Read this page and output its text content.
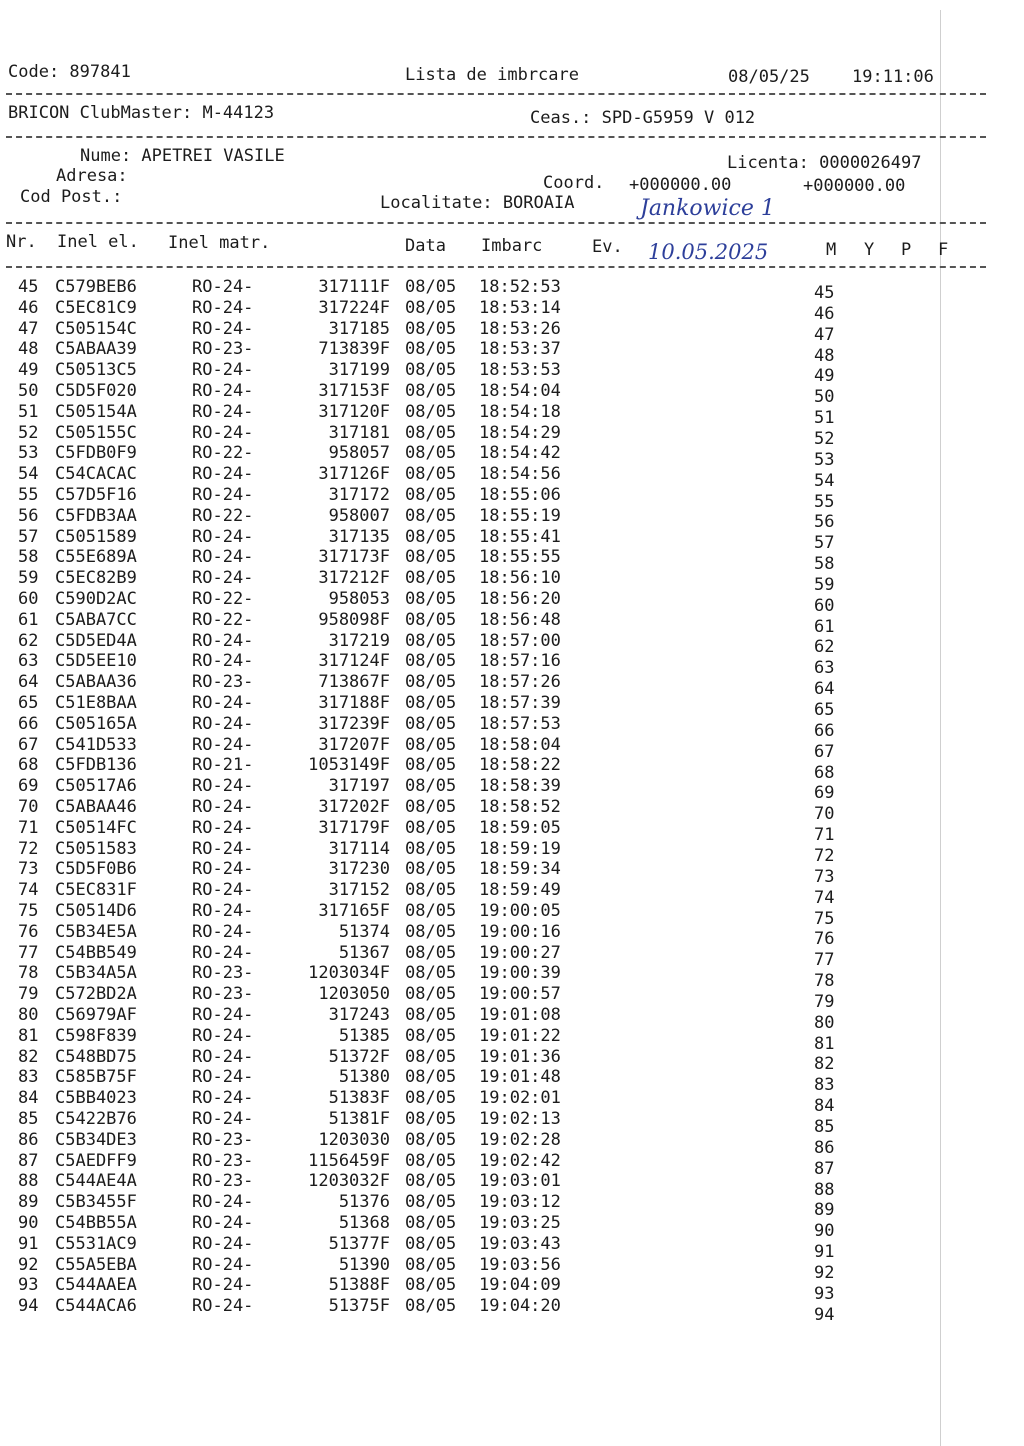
Code: 897841	Lista de imbrcare	08/05/25 19:11:06
BRICON ClubMaster: M-44123	Ceas.: SPD-G5959 V 012
Nume: APETREI VASILE	Licenta: 0000026497
Adresa:	Coord. +000000.00	+000000.00
Cod Post.:	Localitate: BOROAIA	Jankowice 1
Nr. Inel el. Inel matr.	Data Imbarc	Ev. 10.05.2025	M Y P F
45 C579BEB6	RO-24-	317111F 08/05 18:52:53	45
46 C5EC81C9	RO-24-	317224F 08/05 18:53:14	46
47 C505154C	RO-24-	317185 08/05 18:53:26	47
48 C5ABAA39	RO-23-	713839F 08/05 18:53:37	48
49 C50513C5	RO-24-	317199 08/05 18:53:53	49
50 C5D5F020	RO-24-	317153F 08/05 18:54:04	50
51 C505154A	RO-24-	317120F 08/05 18:54:18	51
52 C505155C	RO-24-	317181 08/05 18:54:29	52
53 C5FDB0F9	RO-22-	958057 08/05 18:54:42	53
54 C54CACAC	RO-24-	317126F 08/05 18:54:56	54
55 C57D5F16	RO-24-	317172 08/05 18:55:06	55
56 C5FDB3AA	RO-22-	958007 08/05 18:55:19	56
57 C5051589	RO-24-	317135 08/05 18:55:41	57
58 C55E689A	RO-24-	317173F 08/05 18:55:55	58
59 C5EC82B9	RO-24-	317212F 08/05 18:56:10	59
60 C590D2AC	RO-22-	958053 08/05 18:56:20	60
61 C5ABA7CC	RO-22-	958098F 08/05 18:56:48	61
62 C5D5ED4A	RO-24-	317219 08/05 18:57:00	62
63 C5D5EE10	RO-24-	317124F 08/05 18:57:16	63
64 C5ABAA36	RO-23-	713867F 08/05 18:57:26	64
65 C51E8BAA	RO-24-	317188F 08/05 18:57:39	65
66 C505165A	RO-24-	317239F 08/05 18:57:53	66
67 C541D533	RO-24-	317207F 08/05 18:58:04	67
68 C5FDB136	RO-21-	1053149F 08/05 18:58:22	68
69 C50517A6	RO-24-	317197 08/05 18:58:39	69
70 C5ABAA46	RO-24-	317202F 08/05 18:58:52	70
71 C50514FC	RO-24-	317179F 08/05 18:59:05	71
72 C5051583	RO-24-	317114 08/05 18:59:19	72
73 C5D5F0B6	RO-24-	317230 08/05 18:59:34	73
74 C5EC831F	RO-24-	317152 08/05 18:59:49	74
75 C50514D6	RO-24-	317165F 08/05 19:00:05	75
76 C5B34E5A	RO-24-	51374 08/05 19:00:16	76
77 C54BB549	RO-24-	51367 08/05 19:00:27	77
78 C5B34A5A	RO-23-	1203034F 08/05 19:00:39	78
79 C572BD2A	RO-23-	1203050 08/05 19:00:57	79
80 C56979AF	RO-24-	317243 08/05 19:01:08	80
81 C598F839	RO-24-	51385 08/05 19:01:22	81
82 C548BD75	RO-24-	51372F 08/05 19:01:36	82
83 C585B75F	RO-24-	51380 08/05 19:01:48	83
84 C5BB4023	RO-24-	51383F 08/05 19:02:01	84
85 C5422B76	RO-24-	51381F 08/05 19:02:13	85
86 C5B34DE3	RO-23-	1203030 08/05 19:02:28	86
87 C5AEDFF9	RO-23-	1156459F 08/05 19:02:42	87
88 C544AE4A	RO-23-	1203032F 08/05 19:03:01	88
89 C5B3455F	RO-24-	51376 08/05 19:03:12	89
90 C54BB55A	RO-24-	51368 08/05 19:03:25	90
91 C5531AC9	RO-24-	51377F 08/05 19:03:43	91
92 C55A5EBA	RO-24-	51390 08/05 19:03:56	92
93 C544AAEA	RO-24-	51388F 08/05 19:04:09	93
94 C544ACA6	RO-24-	51375F 08/05 19:04:20	94
